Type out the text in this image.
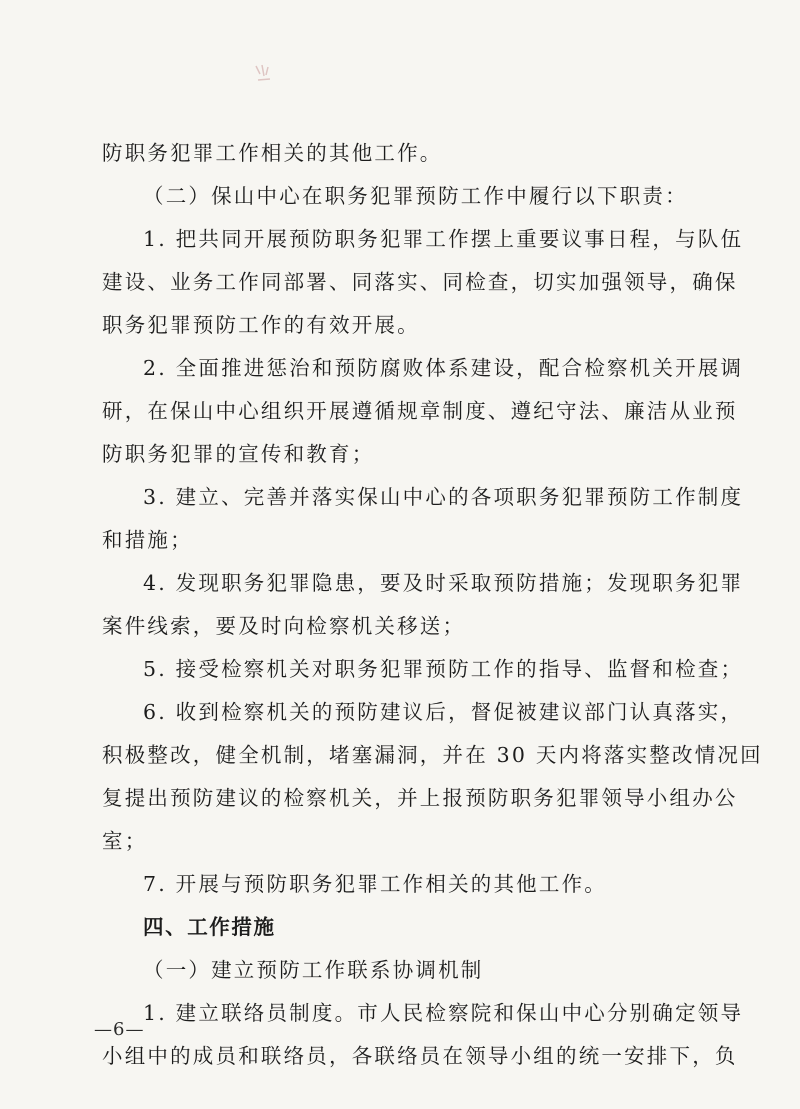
防职务犯罪工作相关的其他工作。
（二）保山中心在职务犯罪预防工作中履行以下职责：
1. 把共同开展预防职务犯罪工作摆上重要议事日程，与队伍
建设、业务工作同部署、同落实、同检查，切实加强领导，确保
职务犯罪预防工作的有效开展。
2. 全面推进惩治和预防腐败体系建设，配合检察机关开展调
研，在保山中心组织开展遵循规章制度、遵纪守法、廉洁从业预
防职务犯罪的宣传和教育；
3. 建立、完善并落实保山中心的各项职务犯罪预防工作制度
和措施；
4. 发现职务犯罪隐患，要及时采取预防措施；发现职务犯罪
案件线索，要及时向检察机关移送；
5. 接受检察机关对职务犯罪预防工作的指导、监督和检查；
6. 收到检察机关的预防建议后，督促被建议部门认真落实，
积极整改，健全机制，堵塞漏洞，并在 30 天内将落实整改情况回
复提出预防建议的检察机关，并上报预防职务犯罪领导小组办公
室；
7. 开展与预防职务犯罪工作相关的其他工作。
四、工作措施
（一）建立预防工作联系协调机制
1. 建立联络员制度。市人民检察院和保山中心分别确定领导
小组中的成员和联络员，各联络员在领导小组的统一安排下，负
—6—
